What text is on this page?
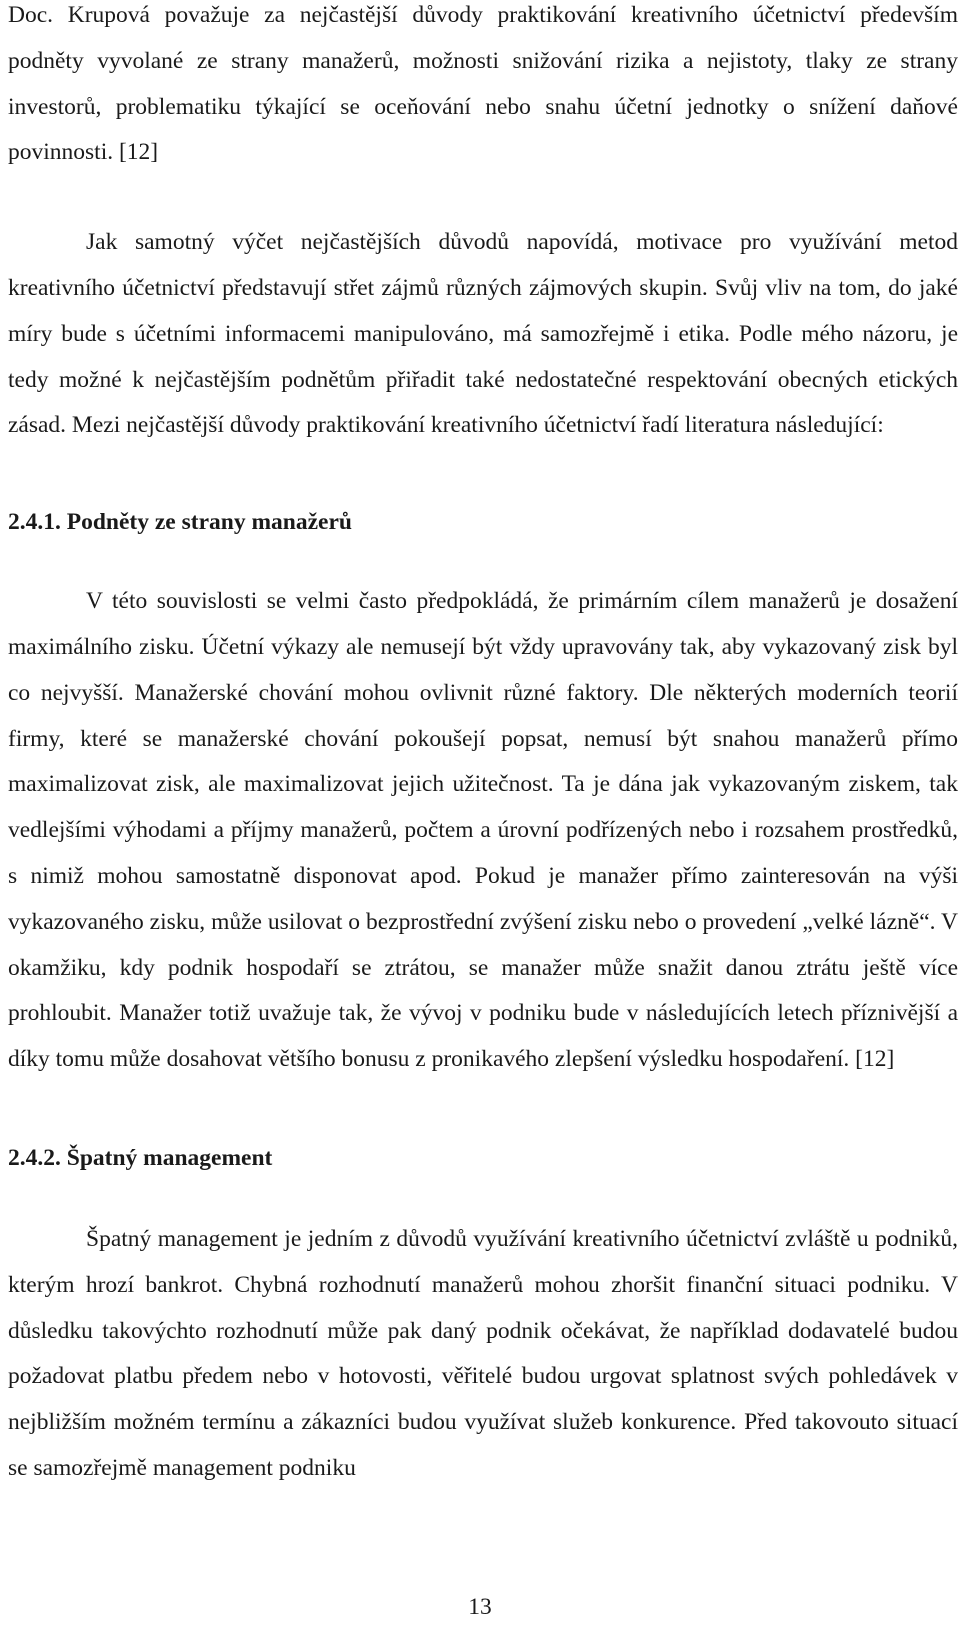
Doc. Krupová považuje za nejčastější důvody praktikování kreativního účetnictví především podněty vyvolané ze strany manažerů, možnosti snižování rizika a nejistoty, tlaky ze strany investorů, problematiku týkající se oceňování nebo snahu účetní jednotky o snížení daňové povinnosti. [12]

Jak samotný výčet nejčastějších důvodů napovídá, motivace pro využívání metod kreativního účetnictví představují střet zájmů různých zájmových skupin. Svůj vliv na tom, do jaké míry bude s účetními informacemi manipulováno, má samozřejmě i etika. Podle mého názoru, je tedy možné k nejčastějším podnětům přiřadit také nedostatečné respektování obecných etických zásad. Mezi nejčastější důvody praktikování kreativního účetnictví řadí literatura následující:

2.4.1. Podněty ze strany manažerů

V této souvislosti se velmi často předpokládá, že primárním cílem manažerů je dosažení maximálního zisku. Účetní výkazy ale nemusejí být vždy upravovány tak, aby vykazovaný zisk byl co nejvyšší. Manažerské chování mohou ovlivnit různé faktory. Dle některých moderních teorií firmy, které se manažerské chování pokoušejí popsat, nemusí být snahou manažerů přímo maximalizovat zisk, ale maximalizovat jejich užitečnost. Ta je dána jak vykazovaným ziskem, tak vedlejšími výhodami a příjmy manažerů, počtem a úrovní podřízených nebo i rozsahem prostředků, s nimiž mohou samostatně disponovat apod. Pokud je manažer přímo zainteresován na výši vykazovaného zisku, může usilovat o bezprostřední zvýšení zisku nebo o provedení „velké lázně“. V okamžiku, kdy podnik hospodaří se ztrátou, se manažer může snažit danou ztrátu ještě více prohloubit. Manažer totiž uvažuje tak, že vývoj v podniku bude v následujících letech příznivější a díky tomu může dosahovat většího bonusu z pronikavého zlepšení výsledku hospodaření. [12]

2.4.2. Špatný management

Špatný management je jedním z důvodů využívání kreativního účetnictví zvláště u podniků, kterým hrozí bankrot. Chybná rozhodnutí manažerů mohou zhoršit finanční situaci podniku. V důsledku takovýchto rozhodnutí může pak daný podnik očekávat, že například dodavatelé budou požadovat platbu předem nebo v hotovosti, věřitelé budou urgovat splatnost svých pohledávek v nejbližším možném termínu a zákazníci budou využívat služeb konkurence. Před takovouto situací se samozřejmě management podniku

13
